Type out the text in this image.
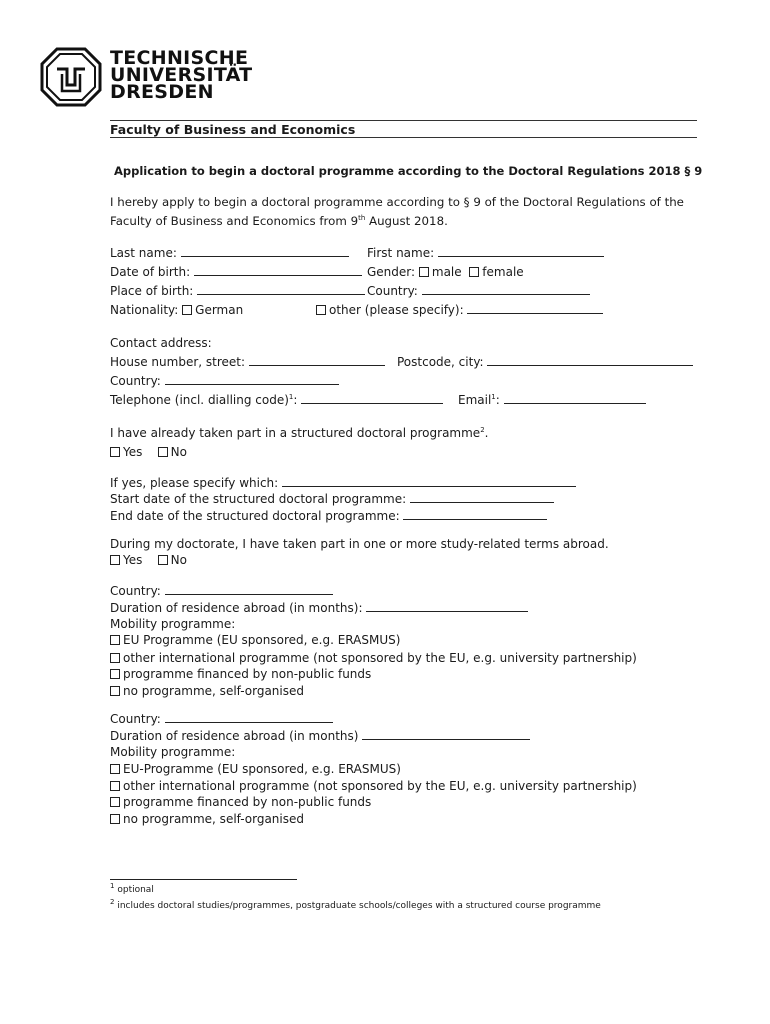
TECHNISCHE
UNIVERSITÄT
DRESDEN
Faculty of Business and Economics
Application to begin a doctoral programme according to the Doctoral Regulations 2018 § 9
I hereby apply to begin a doctoral programme according to § 9 of the Doctoral Regulations of the
Faculty of Business and Economics from 9th August 2018.
Last name:	First name:
Date of birth:	Gender: male female
Place of birth:	Country:
Nationality: German	other (please specify):
Contact address:
House number, street:	Postcode, city:
Country:
Telephone (incl. dialling code)$^1$:	Email$^1$:
I have already taken part in a structured doctoral programme$^2$.
Yes No
If yes, please specify which:
Start date of the structured doctoral programme:
End date of the structured doctoral programme:
During my doctorate, I have taken part in one or more study-related terms abroad.
Yes No
Country:
Duration of residence abroad (in months):
Mobility programme:
EU Programme (EU sponsored, e.g. ERASMUS)
other international programme (not sponsored by the EU, e.g. university partnership)
programme financed by non-public funds
no programme, self-organised
Country:
Duration of residence abroad (in months)
Mobility programme:
EU-Programme (EU sponsored, e.g. ERASMUS)
other international programme (not sponsored by the EU, e.g. university partnership)
programme financed by non-public funds
no programme, self-organised
$^1$ optional
$^2$ includes doctoral studies/programmes, postgraduate schools/colleges with a structured course programme
